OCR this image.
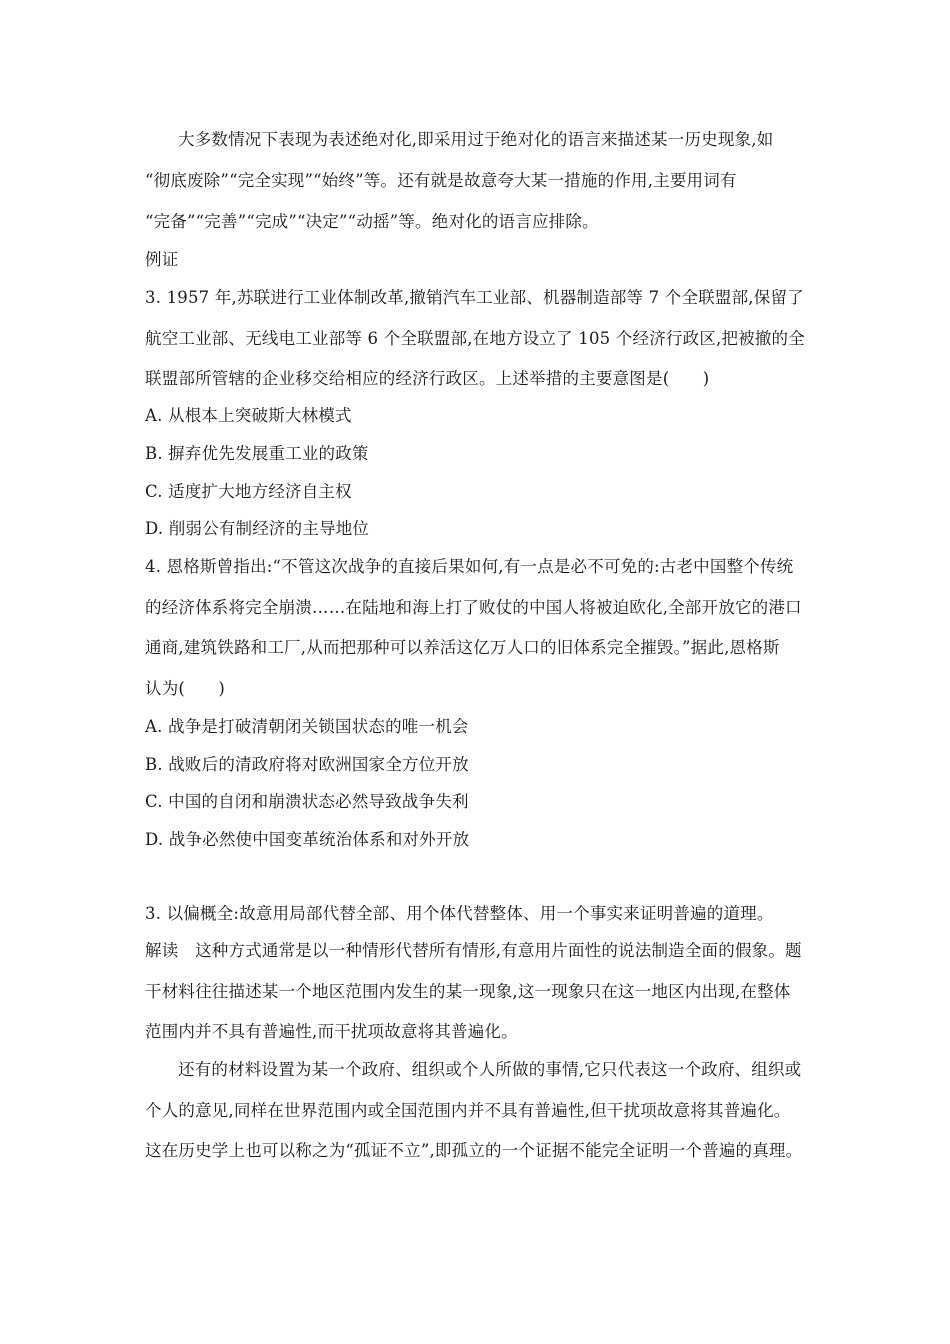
大多数情况下表现为表述绝对化,即采用过于绝对化的语言来描述某一历史现象,如
“彻底废除”“完全实现”“始终”等。还有就是故意夸大某一措施的作用,主要用词有
“完备”“完善”“完成”“决定”“动摇”等。绝对化的语言应排除。
例证
3. 1957 年,苏联进行工业体制改革,撤销汽车工业部、机器制造部等 7 个全联盟部,保留了
航空工业部、无线电工业部等 6 个全联盟部,在地方设立了 105 个经济行政区,把被撤的全
联盟部所管辖的企业移交给相应的经济行政区。上述举措的主要意图是(　　)
A. 从根本上突破斯大林模式
B. 摒弃优先发展重工业的政策
C. 适度扩大地方经济自主权
D. 削弱公有制经济的主导地位
4. 恩格斯曾指出:“不管这次战争的直接后果如何,有一点是必不可免的:古老中国整个传统
的经济体系将完全崩溃……在陆地和海上打了败仗的中国人将被迫欧化,全部开放它的港口
通商,建筑铁路和工厂,从而把那种可以养活这亿万人口的旧体系完全摧毁。”据此,恩格斯
认为(　　)
A. 战争是打破清朝闭关锁国状态的唯一机会
B. 战败后的清政府将对欧洲国家全方位开放
C. 中国的自闭和崩溃状态必然导致战争失利
D. 战争必然使中国变革统治体系和对外开放
3. 以偏概全:故意用局部代替全部、用个体代替整体、用一个事实来证明普遍的道理。
解读　这种方式通常是以一种情形代替所有情形,有意用片面性的说法制造全面的假象。题
干材料往往描述某一个地区范围内发生的某一现象,这一现象只在这一地区内出现,在整体
范围内并不具有普遍性,而干扰项故意将其普遍化。
还有的材料设置为某一个政府、组织或个人所做的事情,它只代表这一个政府、组织或
个人的意见,同样在世界范围内或全国范围内并不具有普遍性,但干扰项故意将其普遍化。
这在历史学上也可以称之为“孤证不立”,即孤立的一个证据不能完全证明一个普遍的真理。
